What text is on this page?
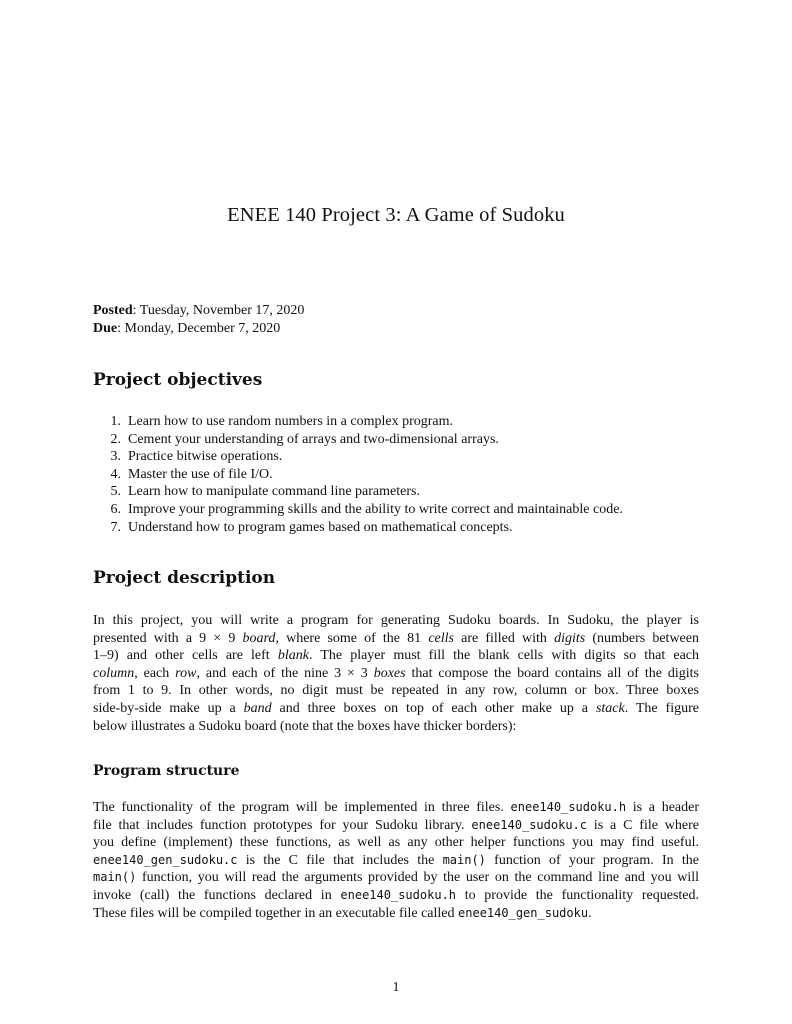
ENEE 140 Project 3: A Game of Sudoku
Posted: Tuesday, November 17, 2020
Due: Monday, December 7, 2020
Project objectives
1. Learn how to use random numbers in a complex program.
2. Cement your understanding of arrays and two-dimensional arrays.
3. Practice bitwise operations.
4. Master the use of file I/O.
5. Learn how to manipulate command line parameters.
6. Improve your programming skills and the ability to write correct and maintainable code.
7. Understand how to program games based on mathematical concepts.
Project description
In this project, you will write a program for generating Sudoku boards. In Sudoku, the player is
presented with a 9 × 9 board, where some of the 81 cells are filled with digits (numbers between
1–9) and other cells are left blank. The player must fill the blank cells with digits so that each
column, each row, and each of the nine 3 × 3 boxes that compose the board contains all of the digits
from 1 to 9. In other words, no digit must be repeated in any row, column or box. Three boxes
side-by-side make up a band and three boxes on top of each other make up a stack. The figure
below illustrates a Sudoku board (note that the boxes have thicker borders):
Program structure
The functionality of the program will be implemented in three files. enee140_sudoku.h is a header
file that includes function prototypes for your Sudoku library. enee140_sudoku.c is a C file where
you define (implement) these functions, as well as any other helper functions you may find useful.
enee140_gen_sudoku.c is the C file that includes the main() function of your program. In the
main() function, you will read the arguments provided by the user on the command line and you will
invoke (call) the functions declared in enee140_sudoku.h to provide the functionality requested.
These files will be compiled together in an executable file called enee140_gen_sudoku.
1
